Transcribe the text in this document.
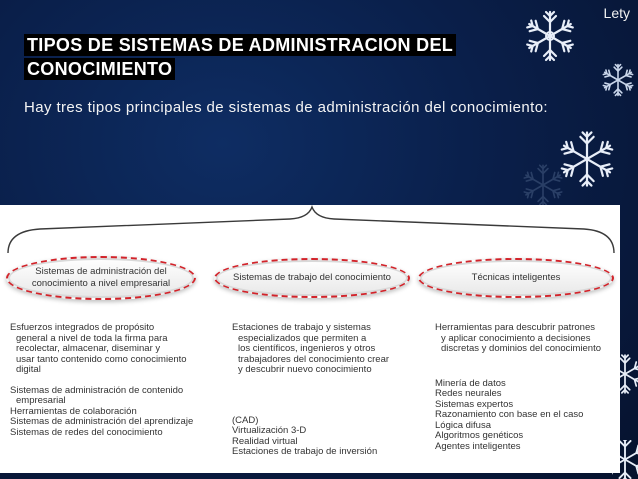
Lety
TIPOS DE SISTEMAS DE ADMINISTRACION DEL
CONOCIMIENTO
Hay tres tipos principales de sistemas de administración del conocimiento:
Sistemas de administración del
conocimiento a nivel empresarial
Esfuerzos integrados de propósito
general a nivel de toda la firma para
recolectar, almacenar, diseminar y
usar tanto contenido como conocimiento
digital
Sistemas de administración de contenido
empresarial
Herramientas de colaboración
Sistemas de administración del aprendizaje
Sistemas de redes del conocimiento
Sistemas de trabajo del conocimiento
Estaciones de trabajo y sistemas
especializados que permiten a
los científicos, ingenieros y otros
trabajadores del conocimiento crear
y descubrir nuevo conocimiento
(CAD)
Virtualización 3-D
Realidad virtual
Estaciones de trabajo de inversión
Técnicas inteligentes
Herramientas para descubrir patrones
y aplicar conocimiento a decisiones
discretas y dominios del conocimiento
Minería de datos
Redes neurales
Sistemas expertos
Razonamiento con base en el caso
Lógica difusa
Algoritmos genéticos
Agentes inteligentes
